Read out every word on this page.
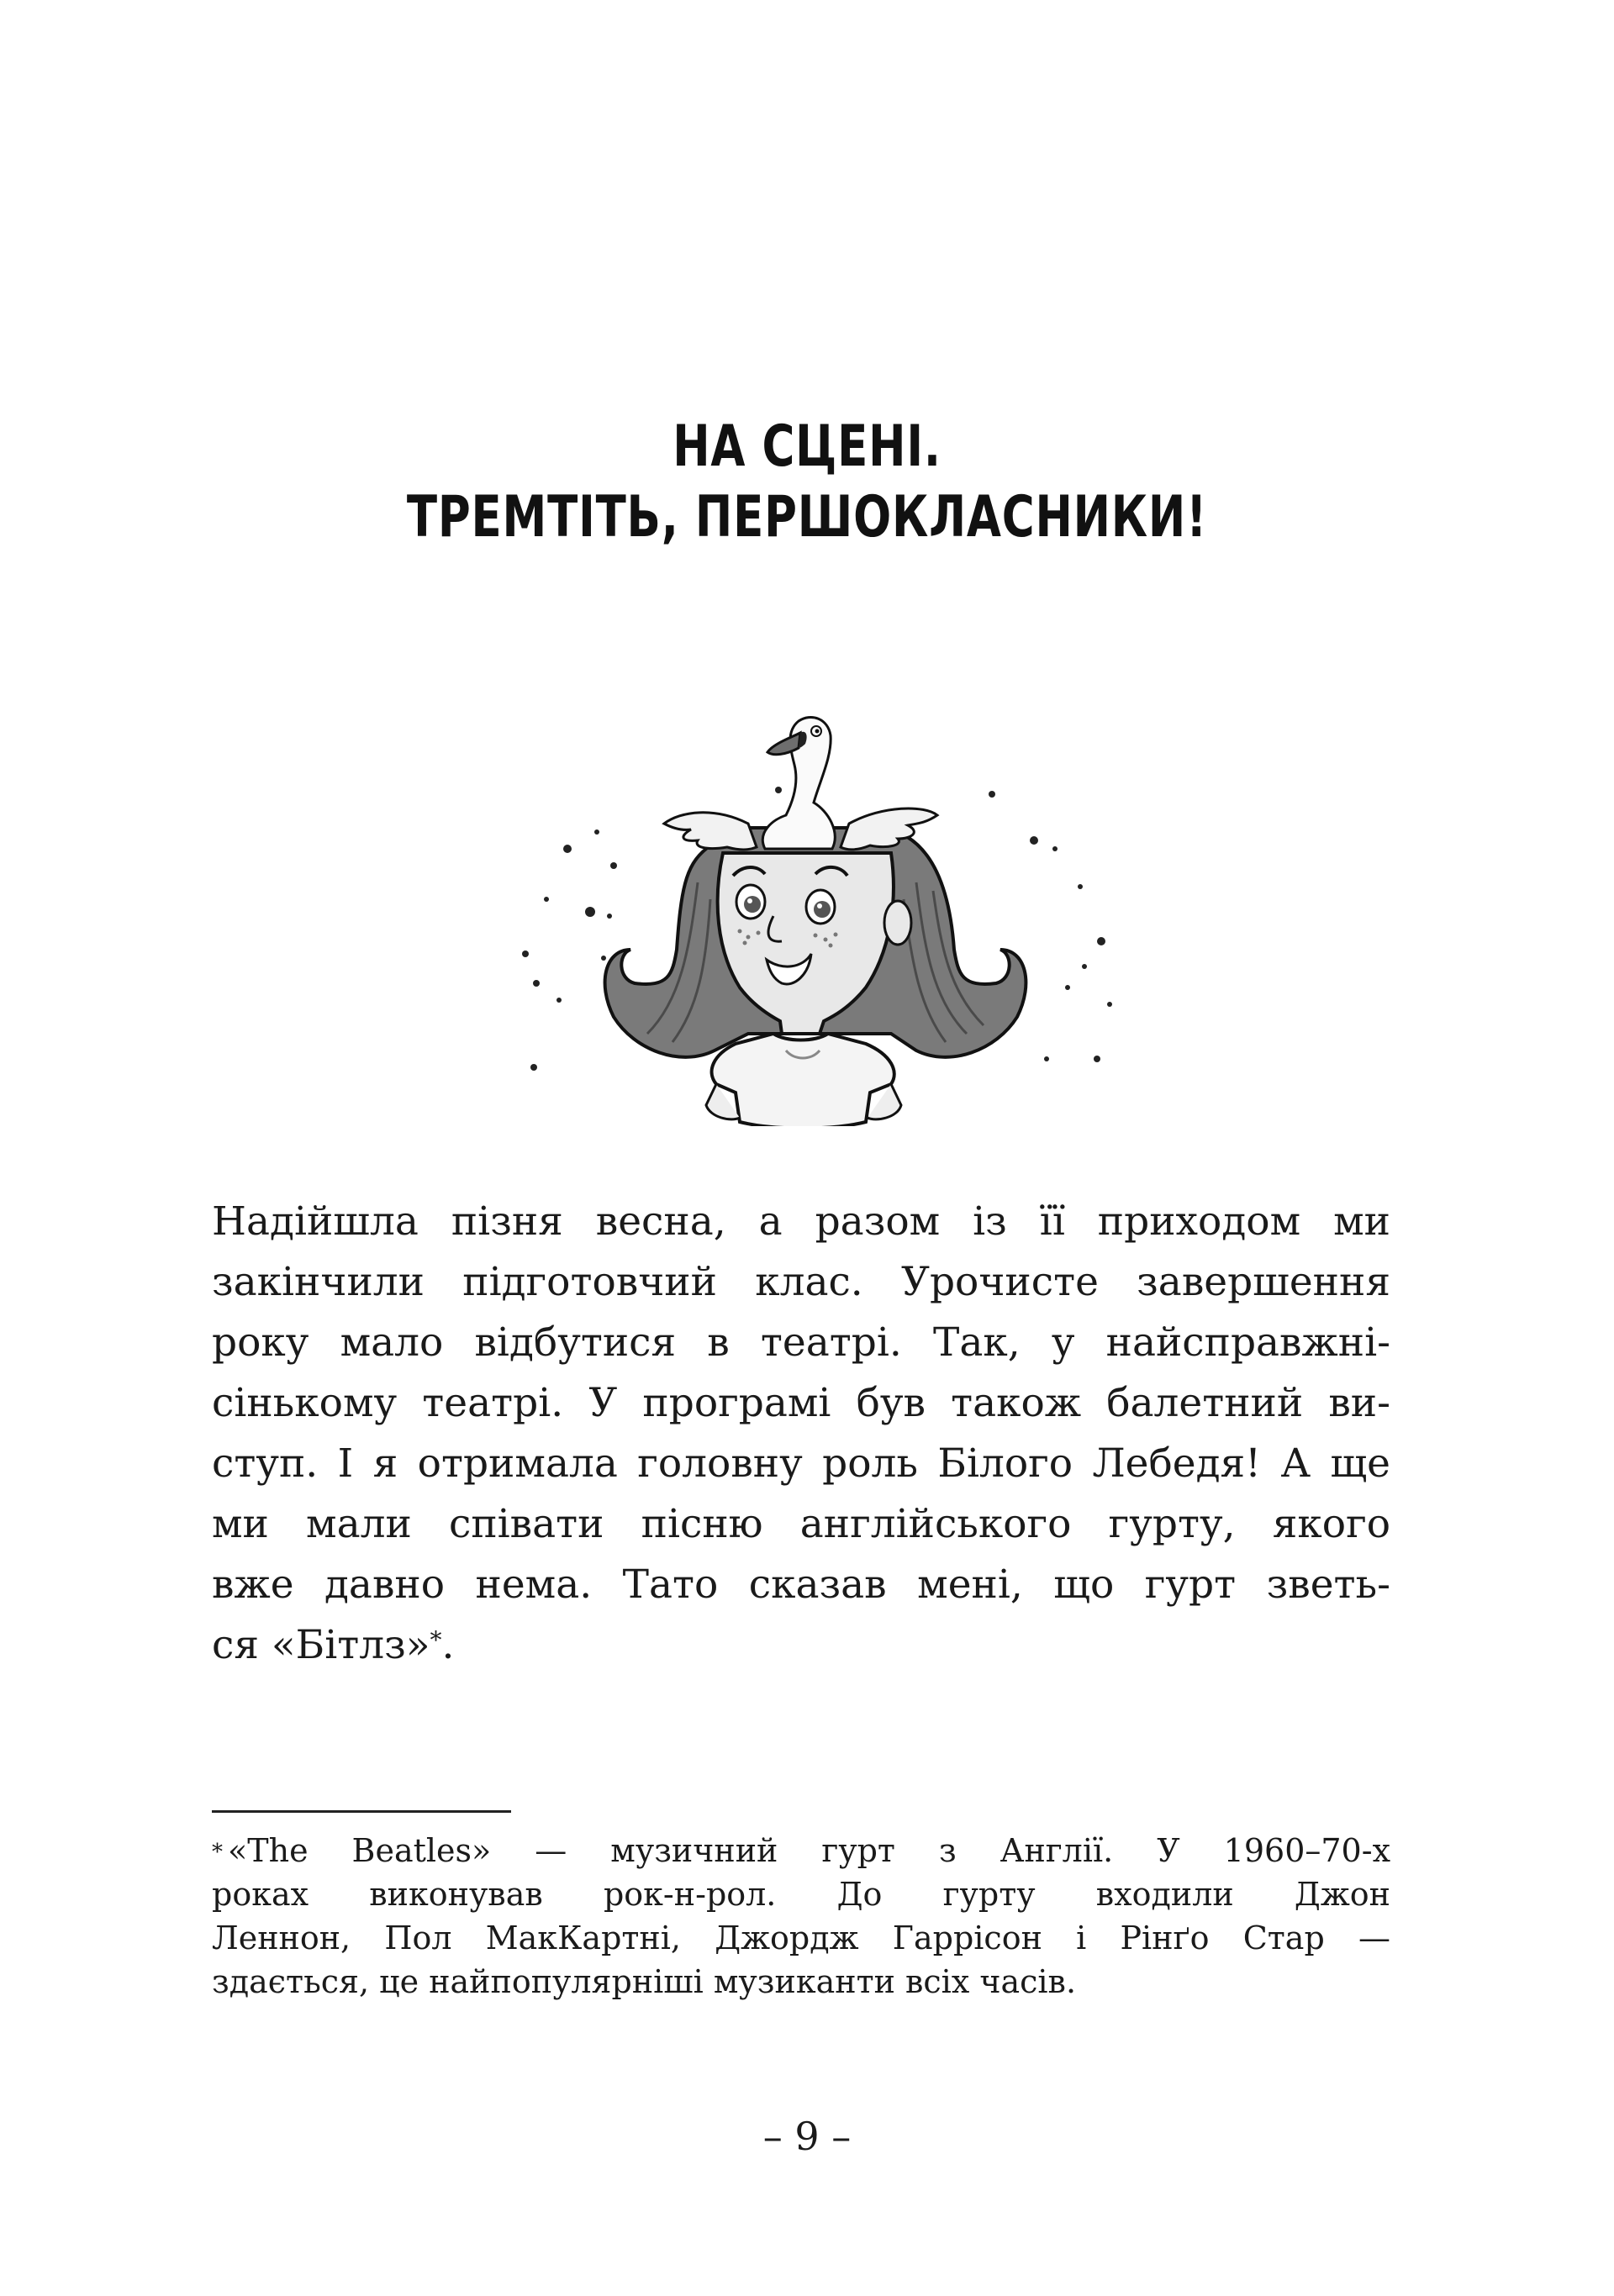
НА СЦЕНІ.
ТРЕМТІТЬ, ПЕРШОКЛАСНИКИ!
Надійшла пізня весна, а разом із її приходом ми
закінчили підготовчий клас. Урочисте завершення
року мало відбутися в театрі. Так, у найсправжні-
сінькому театрі. У програмі був також балетний ви-
ступ. І я отримала головну роль Білого Лебедя! А ще
ми мали співати пісню англійського гурту, якого
вже давно нема. Тато сказав мені, що гурт зветь-
ся «Бітлз»*.
* «The Beatles» — музичний гурт з Англії. У 1960–70-х
роках виконував рок-н-рол. До гурту входили Джон
Леннон, Пол МакКартні, Джордж Гаррісон і Рінґо Стар —
здається, це найпопулярніші музиканти всіх часів.
– 9 –
